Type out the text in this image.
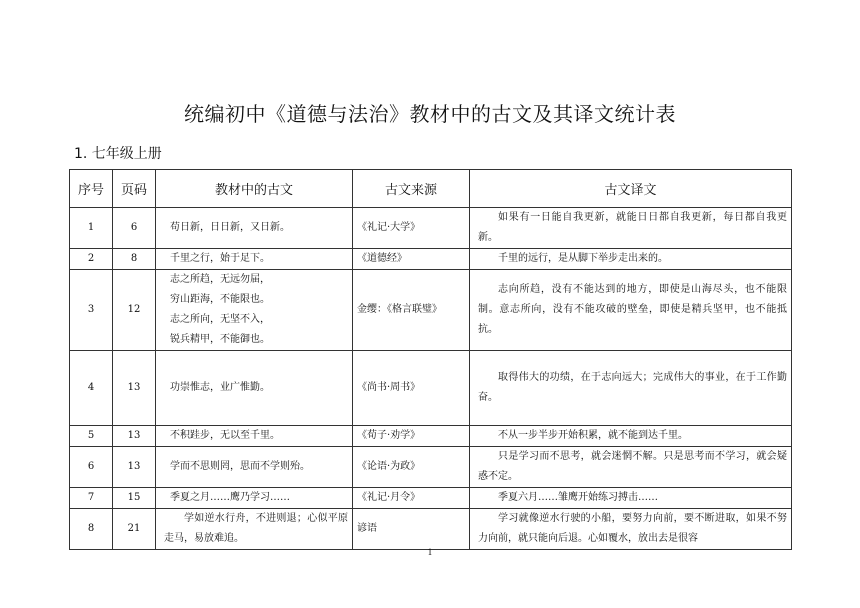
统编初中《道德与法治》教材中的古文及其译文统计表
1. 七年级上册
序号	页码	教材中的古文	古文来源	古文译文
1	6	苟日新，日日新，又日新。	《礼记·大学》	如果有一日能自我更新，就能日日都自我更新，每日都自我更新。
2	8	千里之行，始于足下。	《道德经》	千里的远行，是从脚下举步走出来的。
3	12	志之所趋，无远勿届，
穷山距海，不能限也。
志之所向，无坚不入，
锐兵精甲，不能御也。	金缨：《格言联璧》	志向所趋，没有不能达到的地方，即使是山海尽头，也不能限制。意志所向，没有不能攻破的壁垒，即使是精兵坚甲，也不能抵抗。
4	13	功崇惟志，业广惟勤。	《尚书·周书》	取得伟大的功绩，在于志向远大；完成伟大的事业，在于工作勤奋。
5	13	不积跬步，无以至千里。	《荀子·劝学》	不从一步半步开始积累，就不能到达千里。
6	13	学而不思则罔，思而不学则殆。	《论语·为政》	只是学习而不思考，就会迷惘不解。只是思考而不学习，就会疑惑不定。
7	15	季夏之月……鹰乃学习……	《礼记·月令》	季夏六月……雏鹰开始练习搏击……
8	21	学如逆水行舟，不进则退；心似平原走马，易放难追。	谚语	学习就像逆水行驶的小船，要努力向前，要不断进取，如果不努力向前，就只能向后退。心如覆水，放出去是很容
1
